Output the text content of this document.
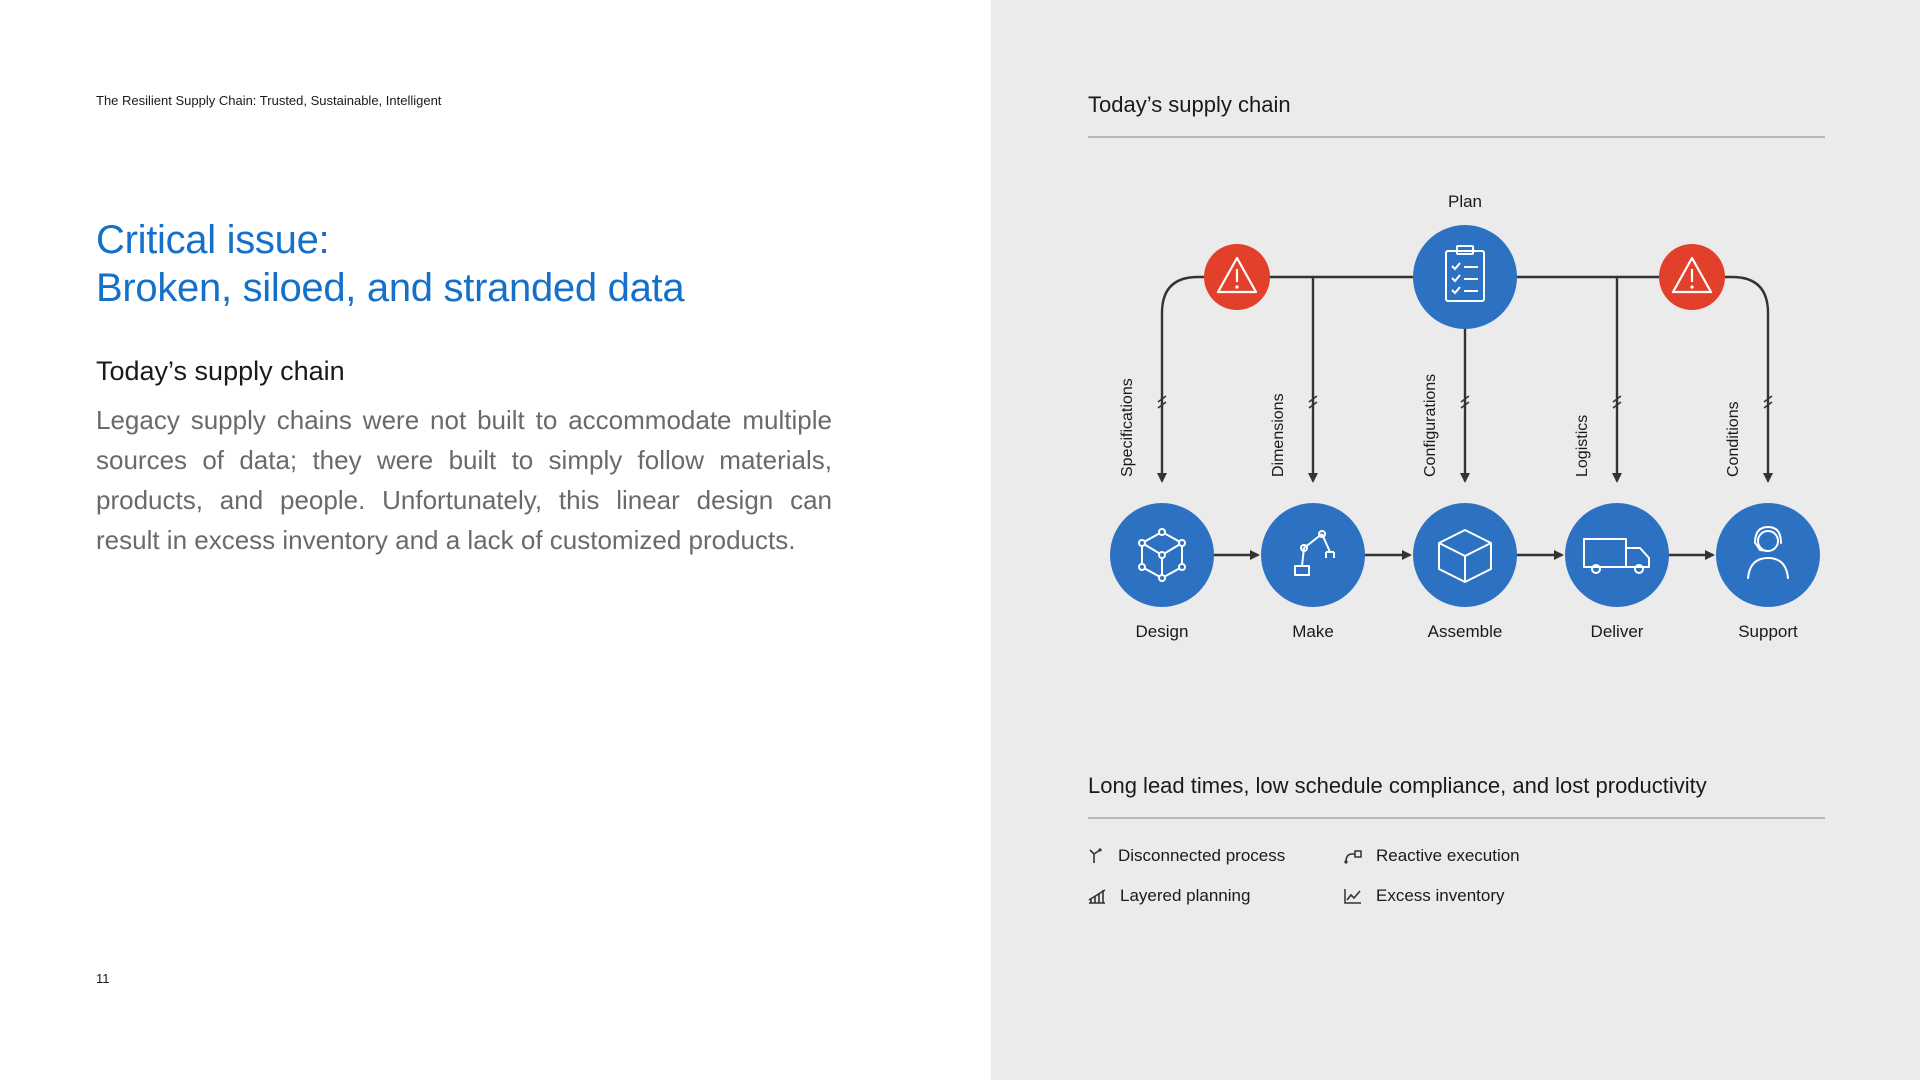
The Resilient Supply Chain: Trusted, Sustainable, Intelligent
Critical issue:
Broken, siloed, and stranded data
Today’s supply chain

Legacy supply chains were not built to accommodate multiple sources of data; they were built to simply follow materials, products, and people. Unfortunately, this linear design can result in excess inventory and a lack of customized products.

11
Today’s supply chain
Plan
Specifications	Dimensions	Configurations	Logistics	Conditions
Design	Make	Assemble	Deliver	Support
Long lead times, low schedule compliance, and lost productivity
Disconnected process	Reactive execution
Layered planning	Excess inventory
